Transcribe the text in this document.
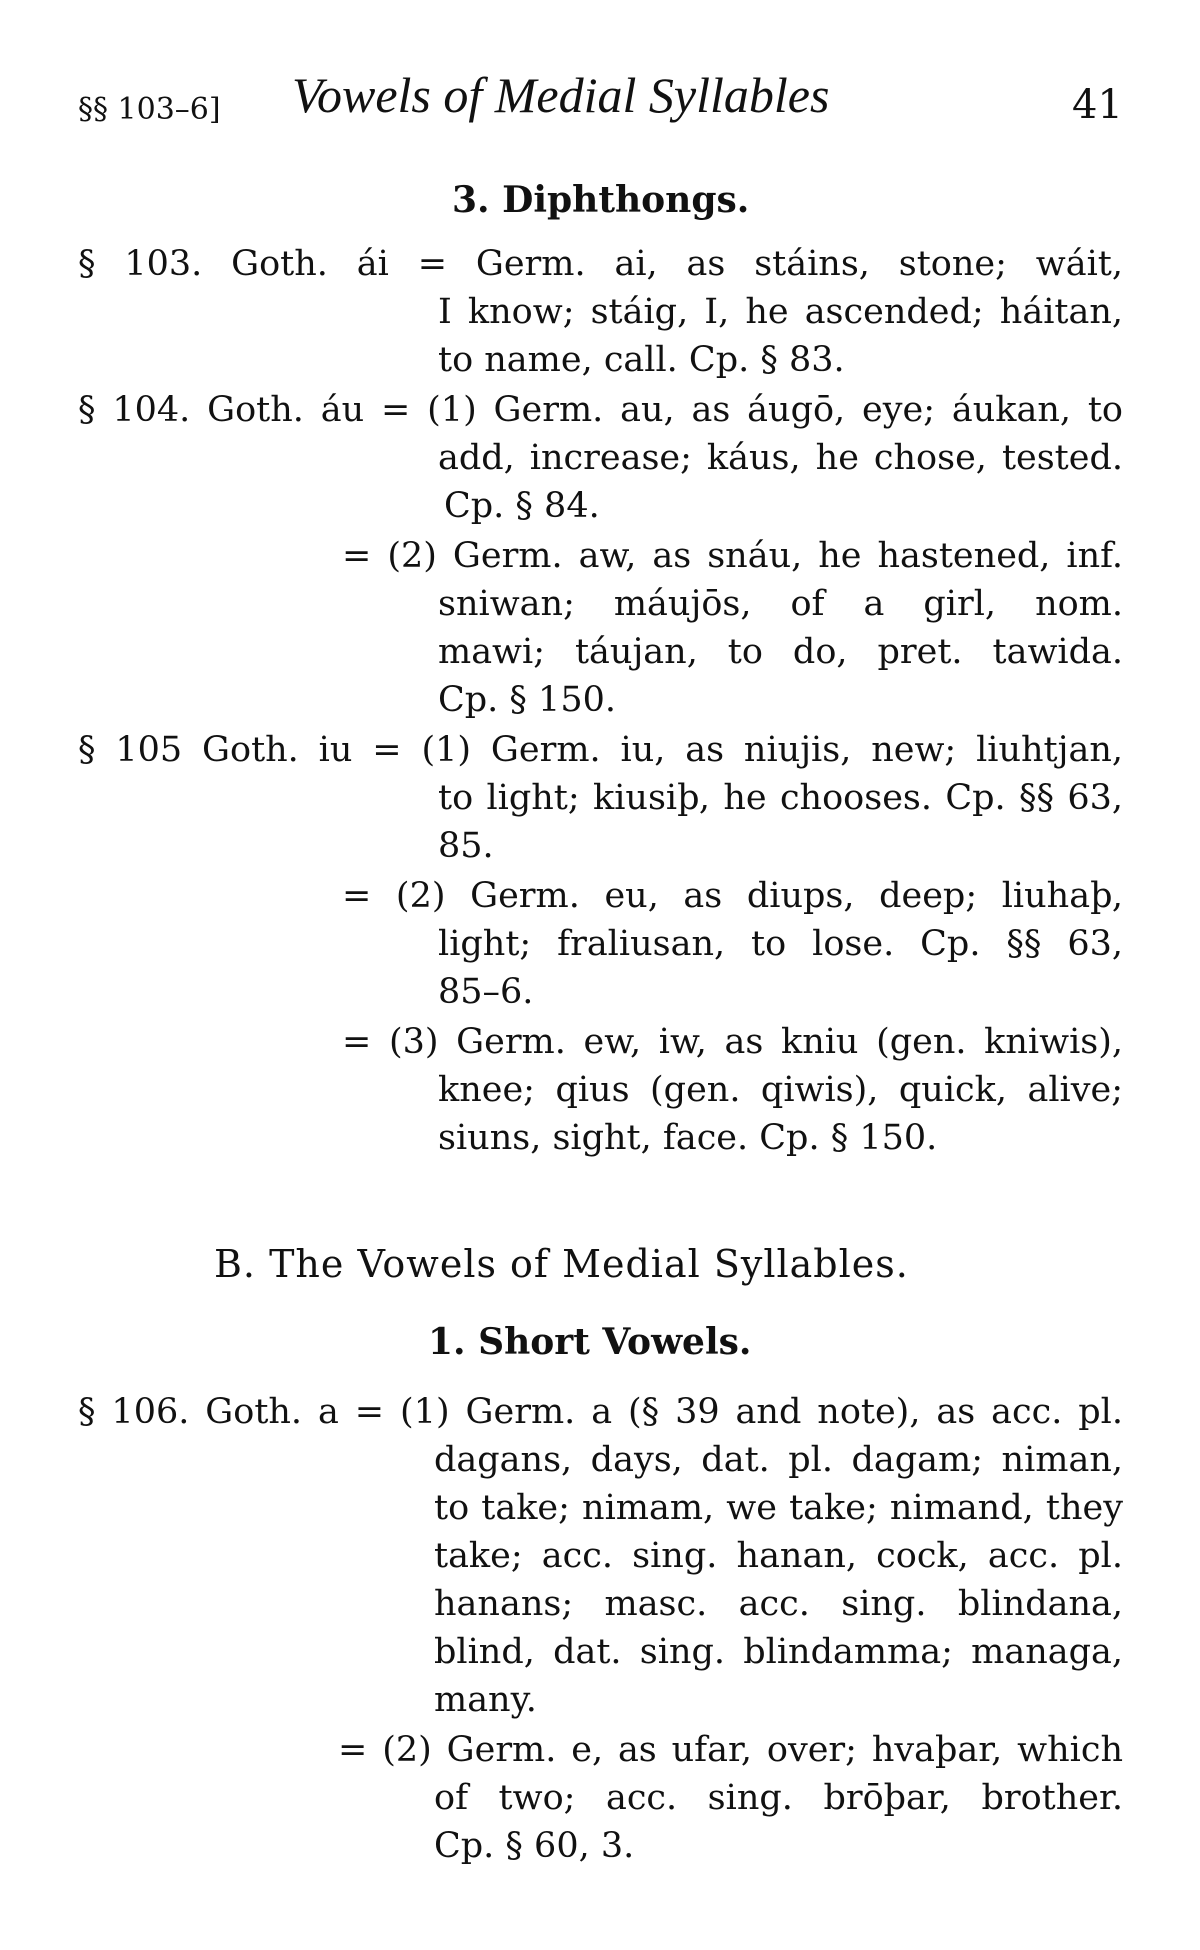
§§ 103–6] Vowels of Medial Syllables	41
3. Diphthongs.
§ 103. Goth. ái = Germ. ai, as stáins, stone; wáit,
I know; stáig, I, he ascended; háitan,
to name, call. Cp. § 83.
§ 104. Goth. áu = (1) Germ. au, as áugō, eye; áukan, to
add, increase; káus, he chose, tested.
Cp. § 84.
= (2) Germ. aw, as snáu, he hastened, inf.
sniwan; máujōs, of a girl, nom.
mawi; táujan, to do, pret. tawida.
Cp. § 150.
§ 105 Goth. iu = (1) Germ. iu, as niujis, new; liuhtjan,
to light; kiusiþ, he chooses. Cp. §§ 63,
85.
= (2) Germ. eu, as diups, deep; liuhaþ,
light; fraliusan, to lose. Cp. §§ 63,
85–6.
= (3) Germ. ew, iw, as kniu (gen. kniwis),
knee; qius (gen. qiwis), quick, alive;
siuns, sight, face. Cp. § 150.
B. The Vowels of Medial Syllables.
1. Short Vowels.
§ 106. Goth. a = (1) Germ. a (§ 39 and note), as acc. pl.
dagans, days, dat. pl. dagam; niman,
to take; nimam, we take; nimand, they
take; acc. sing. hanan, cock, acc. pl.
hanans; masc. acc. sing. blindana,
blind, dat. sing. blindamma; managa,
many.
= (2) Germ. e, as ufar, over; hvaþar, which
of two; acc. sing. brōþar, brother.
Cp. § 60, 3.
